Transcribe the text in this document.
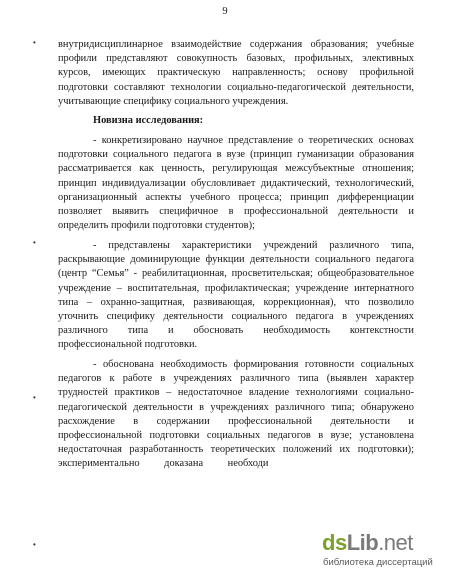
9
•
•
•
•
внутридисциплинарное взаимодействие содержания образования; учебные
профили представляют совокупность базовых, профильных, элективных
курсов, имеющих практическую направленность; основу профильной
подготовки составляют технологии социально-педагогической деятельности,
учитывающие специфику социального учреждения.
Новизна исследования:
- конкретизировано научное представление о теоретических основах
подготовки социального педагога в вузе (принцип гуманизации образования
рассматривается как ценность, регулирующая межсубъектные отношения;
принцип индивидуализации обусловливает дидактический, технологический,
организационный аспекты учебного процесса; принцип дифференциации
позволяет выявить специфичное в профессиональной деятельности и
определить профили подготовки студентов);
- представлены характеристики учреждений различного типа,
раскрывающие доминирующие функции деятельности социального педагога
(центр “Семья” - реабилитационная, просветительская; общеобразовательное
учреждение – воспитательная, профилактическая; учреждение интернатного
типа – охранно-защитная, развивающая, коррекционная), что позволило
уточнить специфику деятельности социального педагога в учреждениях
различного типа и обосновать необходимость контекстности
профессиональной подготовки.
- обоснована необходимость формирования готовности социальных
педагогов к работе в учреждениях различного типа (выявлен характер
трудностей практиков – недостаточное владение технологиями социально-
педагогической деятельности в учреждениях различного типа; обнаружено
расхождение в содержании профессиональной деятельности и
профессиональной подготовки социальных педагогов в вузе; установлена
недостаточная разработанность теоретических положений их подготовки);
экспериментально доказана необходи
dsLib.net
библиотека диссертаций
